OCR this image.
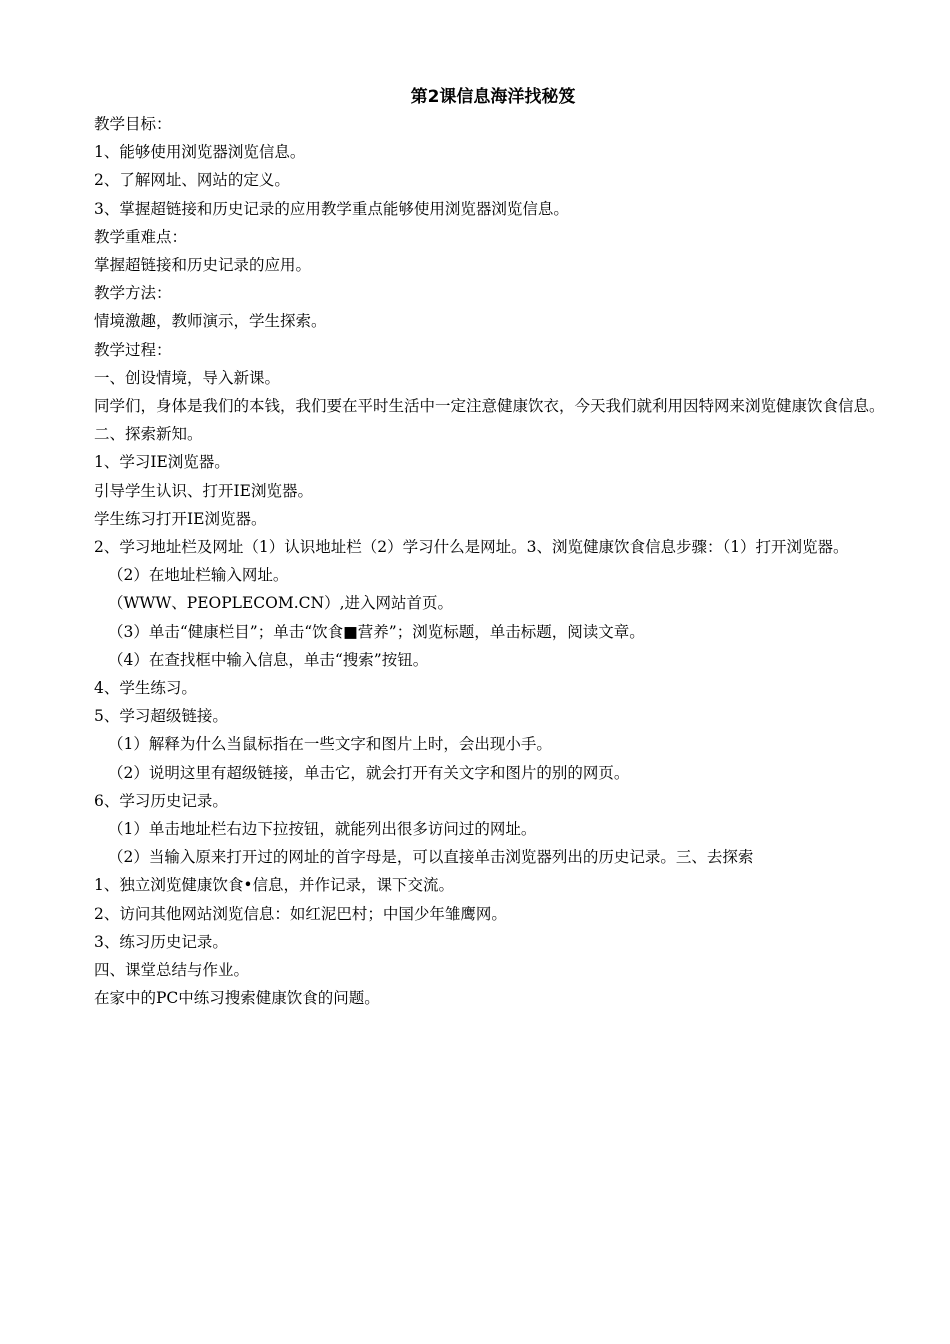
第2课信息海洋找秘笈

教学目标：

1、能够使用浏览器浏览信息。

2、了解网址、网站的定义。

3、掌握超链接和历史记录的应用教学重点能够使用浏览器浏览信息。

教学重难点：

掌握超链接和历史记录的应用。

教学方法：

情境激趣，教师演示，学生探索。

教学过程：

一、创设情境，导入新课。

同学们，身体是我们的本钱，我们要在平时生活中一定注意健康饮衣，今天我们就利用因特网来浏览健康饮食信息。

二、探索新知。

1、学习IE浏览器。

引导学生认识、打开IE浏览器。

学生练习打开IE浏览器。

2、学习地址栏及网址（1）认识地址栏（2）学习什么是网址。3、浏览健康饮食信息步骤：（1）打开浏览器。

（2）在地址栏输入网址。

（WWW、PEOPLECOM.CN）,进入网站首页。

（3）单击“健康栏目”；单击“饮食■营养”；浏览标题，单击标题，阅读文章。

（4）在查找框中输入信息，单击“搜索”按钮。

4、学生练习。

5、学习超级链接。

（1）解释为什么当鼠标指在一些文字和图片上时，会出现小手。

（2）说明这里有超级链接，单击它，就会打开有关文字和图片的别的网页。

6、学习历史记录。

（1）单击地址栏右边下拉按钮，就能列出很多访问过的网址。

（2）当输入原来打开过的网址的首字母是，可以直接单击浏览器列出的历史记录。三、去探索

1、独立浏览健康饮食•信息，并作记录，课下交流。

2、访问其他网站浏览信息：如红泥巴村；中国少年雏鹰网。

3、练习历史记录。

四、课堂总结与作业。

在家中的PC中练习搜索健康饮食的问题。
